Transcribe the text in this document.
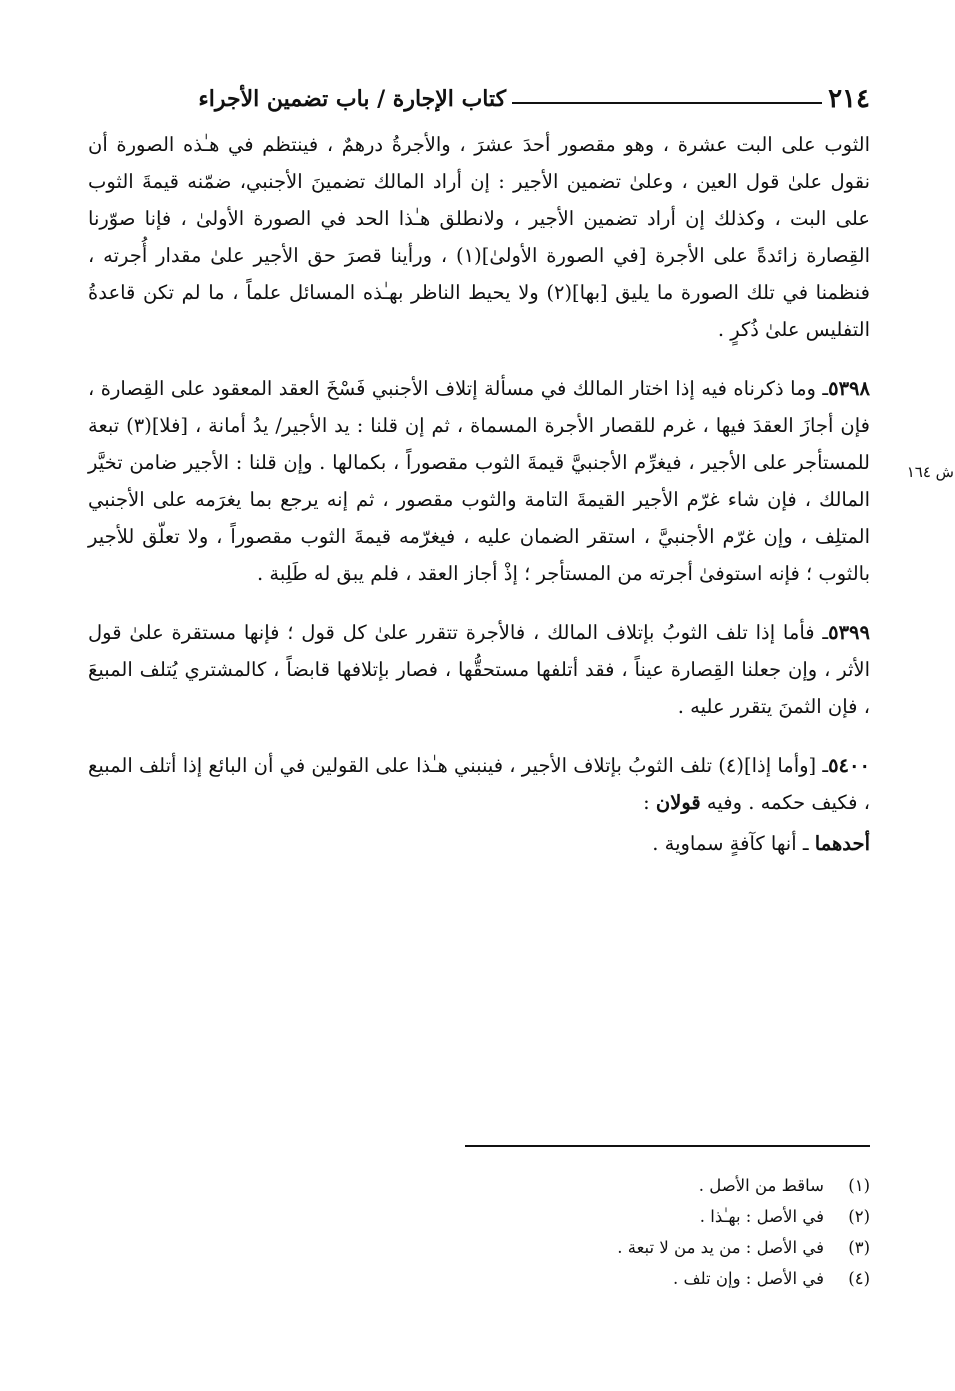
٢١٤
كتاب الإجارة / باب تضمين الأجراء

الثوب على البت عشرة ، وهو مقصور أحدَ عشرَ ، والأجرةُ درهمٌ ، فينتظم في هـٰذه الصورة أن نقول علىٰ قول العين ، وعلىٰ تضمين الأجير : إن أراد المالك تضمينَ الأجنبي، ضمّنه قيمةَ الثوب على البت ، وكذلك إن أراد تضمين الأجير ، ولانطلق هـٰذا الحد في الصورة الأولىٰ ، فإنا صوّرنا القِصارة زائدةً على الأجرة [في الصورة الأولىٰ](١) ، ورأينا قصرَ حق الأجير علىٰ مقدار أُجرته ، فنظمنا في تلك الصورة ما يليق [بها](٢) ولا يحيط الناظر بهـٰذه المسائل علماً ، ما لم تكن قاعدةُ التفليس علىٰ ذُكرٍ .

٥٣٩٨ـ وما ذكرناه فيه إذا اختار المالك في مسألة إتلاف الأجنبي فَسْخَ العقد المعقود على القِصارة ، فإن أجازَ العقدَ فيها ، غرم للقصار الأجرة المسماة ، ثم إن قلنا : يد الأجير/ يدُ أمانة ، [فلا](٣) تبعة للمستأجر على الأجير ، فيغرِّم الأجنبيَّ قيمةَ الثوب مقصوراً ، بكمالها . وإن قلنا : الأجير ضامن تخيَّر المالك ، فإن شاء غرّم الأجير القيمةَ التامة والثوب مقصور ، ثم إنه يرجع بما يغرَمه على الأجنبي المتلِف ، وإن غرّم الأجنبيَّ ، استقر الضمان عليه ، فيغرّمه قيمةَ الثوب مقصوراً ، ولا تعلّق للأجير بالثوب ؛ فإنه استوفىٰ أجرته من المستأجر ؛ إذْ أجاز العقد ، فلم يبق له طَلِبة .
ش ١٦٤

٥٣٩٩ـ فأما إذا تلف الثوبُ بإتلاف المالك ، فالأجرة تتقرر علىٰ كل قول ؛ فإنها مستقرة علىٰ قول الأثر ، وإن جعلنا القِصارة عيناً ، فقد أتلفها مستحقُّها ، فصار بإتلافها قابضاً ، كالمشتري يُتلف المبيعَ ، فإن الثمنَ يتقرر عليه .

٥٤٠٠ـ [وأما إذا](٤) تلف الثوبُ بإتلاف الأجير ، فينبني هـٰذا على القولين في أن البائع إذا أتلف المبيع ، فكيف حكمه . وفيه قولان :

أحدهما ـ أنها كآفةٍ سماوية .

(١)ساقط من الأصل .
(٢)في الأصل : بهـٰذا .
(٣)في الأصل : من يد من لا تبعة .
(٤)في الأصل : وإن تلف .
